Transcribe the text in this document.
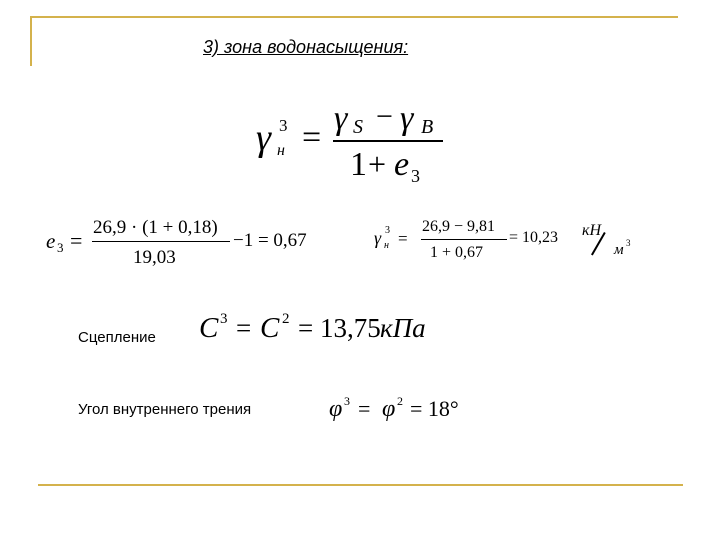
3) зона водонасыщения:
γ 3
н =
γ S − γ B
1 + e 3
e 3 =
26,9 · (1 + 0,18)
19,03
−1 = 0,67	γ 3
н =
26,9 − 9,81
1 + 0,67
= 10,23 кН
м 3
Сцепление C 3 = C 2 = 13,75 кПа
Угол внутреннего трения	φ 3 = φ 2 = 18°
